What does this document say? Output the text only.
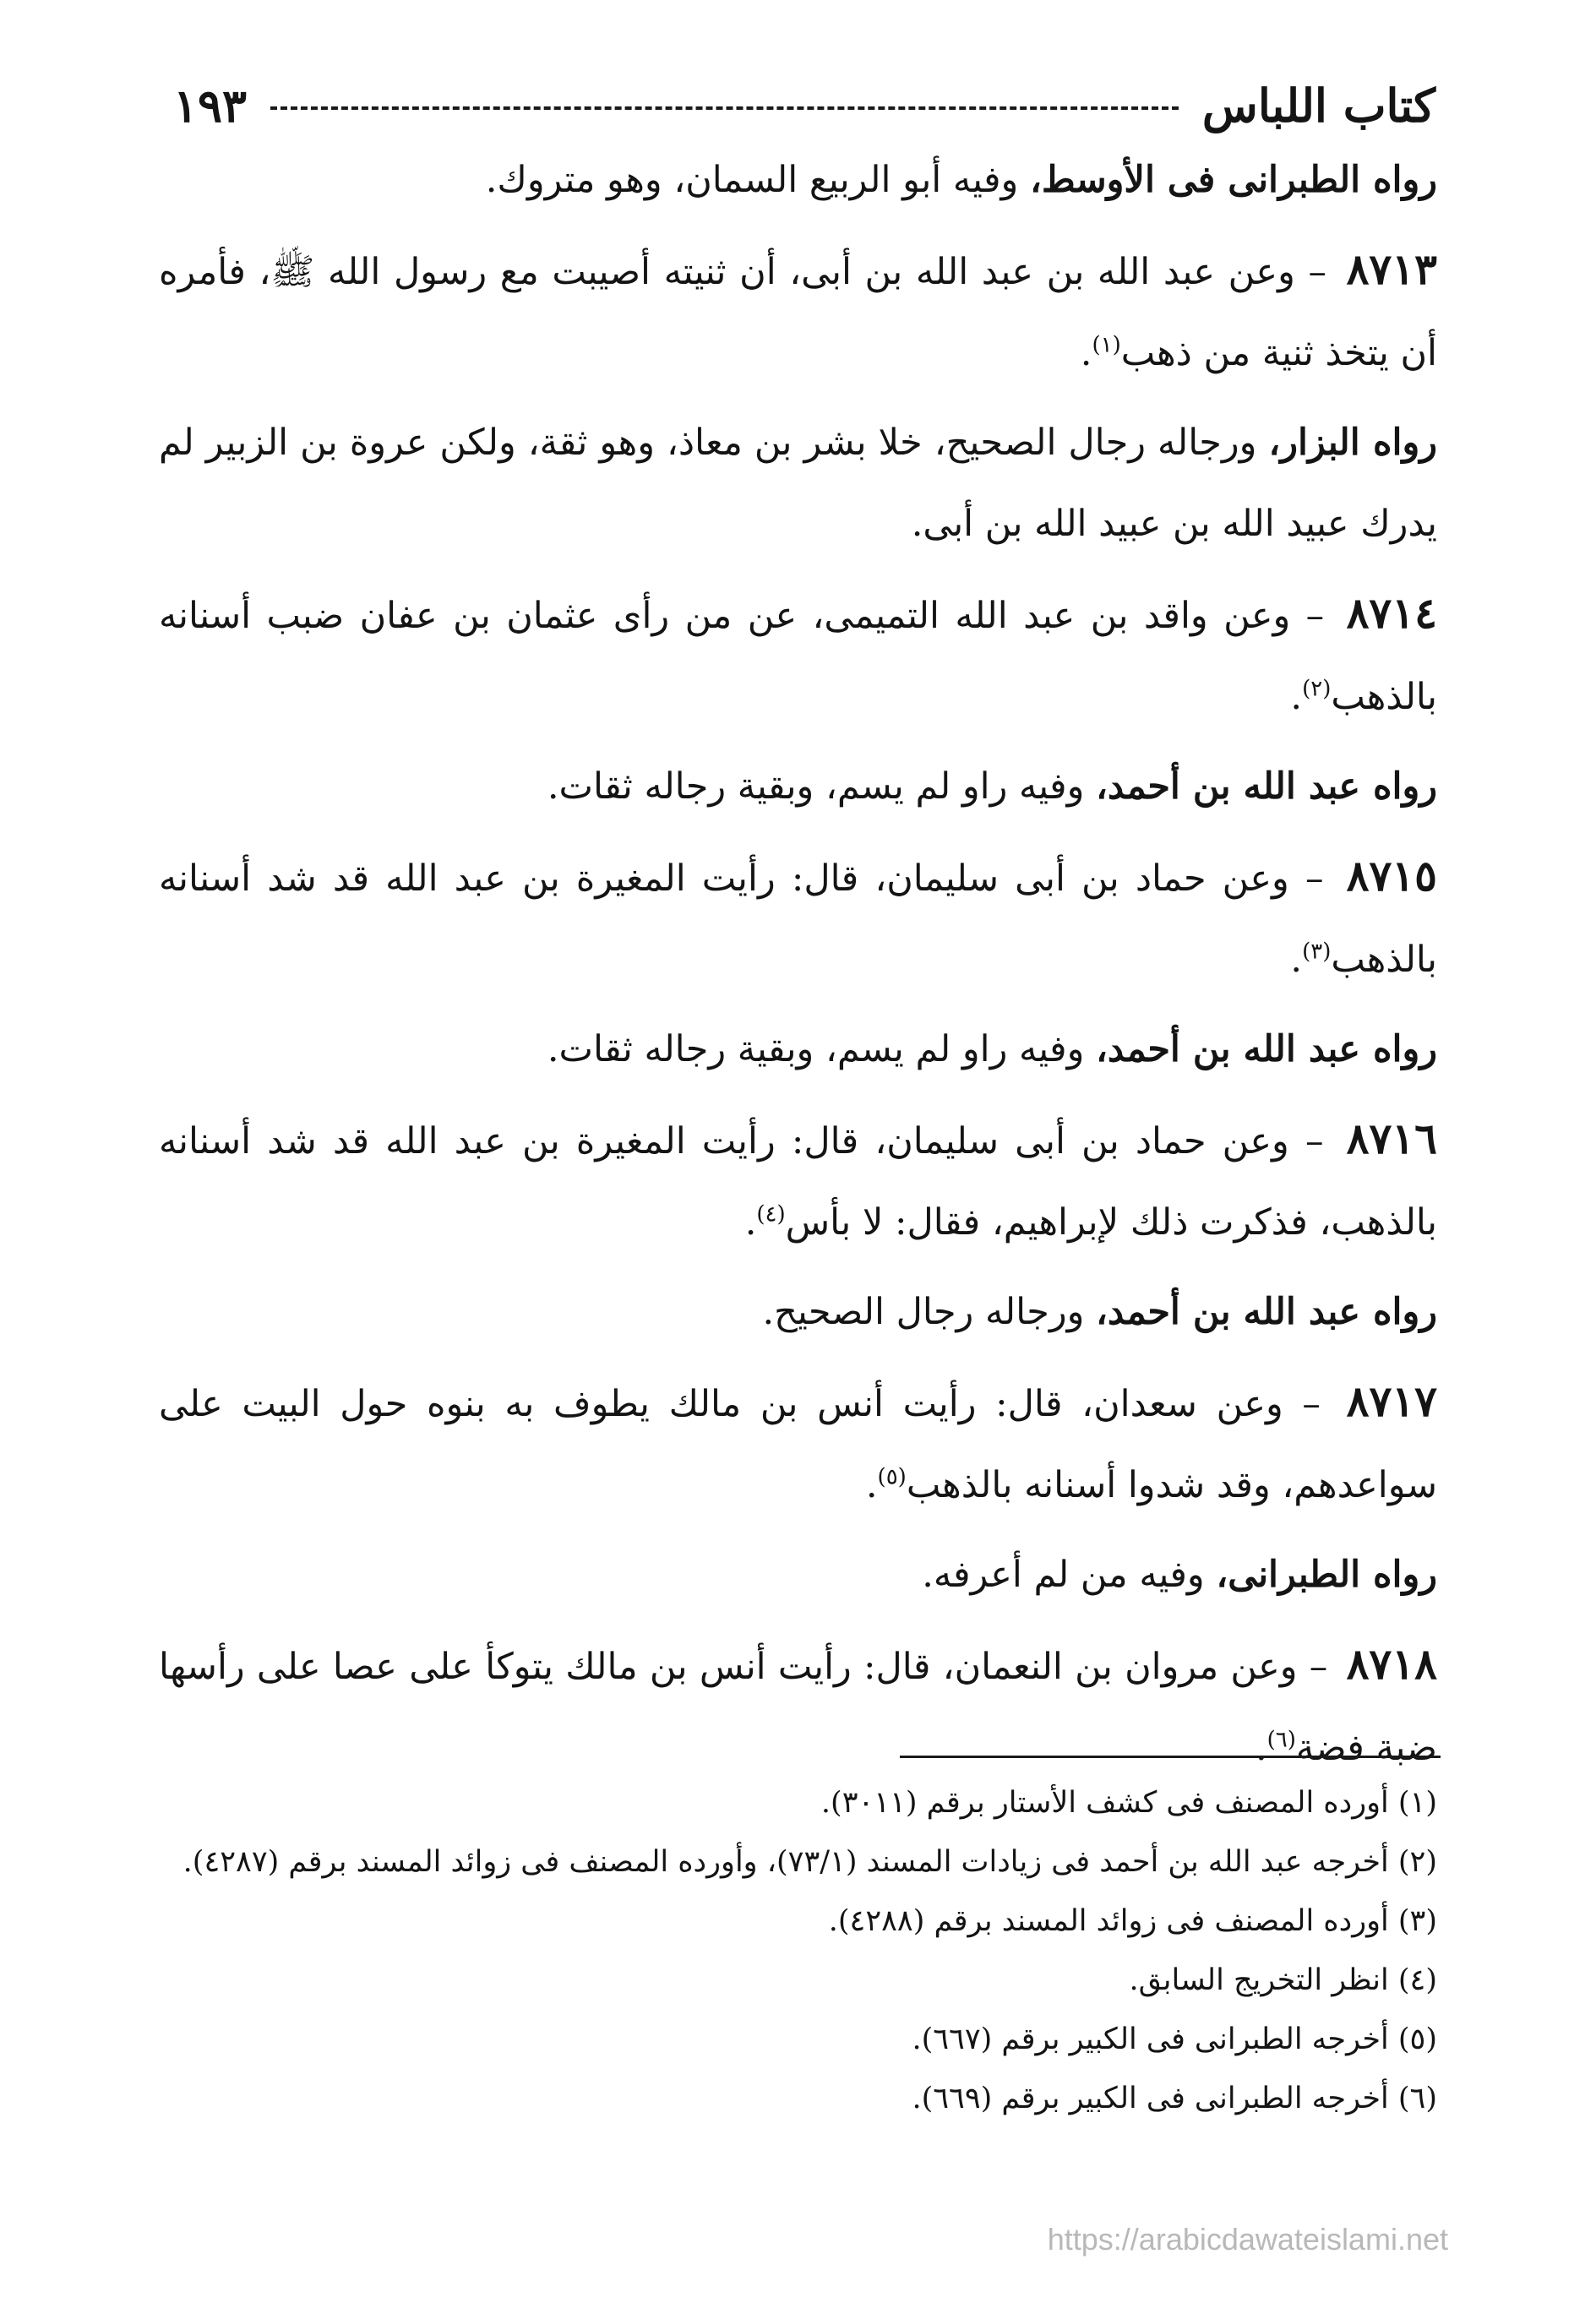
١٩٣	كتاب اللباس

رواه الطبرانى فى الأوسط، وفيه أبو الربيع السمان، وهو متروك.

٨٧١٣ – وعن عبد الله بن عبد الله بن أبى، أن ثنيته أصيبت مع رسول الله ﷺ، فأمره أن يتخذ ثنية من ذهب$^{(١)}$.

رواه البزار، ورجاله رجال الصحيح، خلا بشر بن معاذ، وهو ثقة، ولكن عروة بن الزبير لم يدرك عبيد الله بن عبيد الله بن أبى.

٨٧١٤ – وعن واقد بن عبد الله التميمى، عن من رأى عثمان بن عفان ضبب أسنانه بالذهب$^{(٢)}$.

رواه عبد الله بن أحمد، وفيه راو لم يسم، وبقية رجاله ثقات.

٨٧١٥ – وعن حماد بن أبى سليمان، قال: رأيت المغيرة بن عبد الله قد شد أسنانه بالذهب$^{(٣)}$.

رواه عبد الله بن أحمد، وفيه راو لم يسم، وبقية رجاله ثقات.

٨٧١٦ – وعن حماد بن أبى سليمان، قال: رأيت المغيرة بن عبد الله قد شد أسنانه بالذهب، فذكرت ذلك لإبراهيم، فقال: لا بأس$^{(٤)}$.

رواه عبد الله بن أحمد، ورجاله رجال الصحيح.

٨٧١٧ – وعن سعدان، قال: رأيت أنس بن مالك يطوف به بنوه حول البيت على سواعدهم، وقد شدوا أسنانه بالذهب$^{(٥)}$.

رواه الطبرانى، وفيه من لم أعرفه.

٨٧١٨ – وعن مروان بن النعمان، قال: رأيت أنس بن مالك يتوكأ على عصا على رأسها ضبة فضة$^{(٦)}$.

(١) أورده المصنف فى كشف الأستار برقم (٣٠١١).

(٢) أخرجه عبد الله بن أحمد فى زيادات المسند (٧٣/١)، وأورده المصنف فى زوائد المسند برقم (٤٢٨٧).

(٣) أورده المصنف فى زوائد المسند برقم (٤٢٨٨).

(٤) انظر التخريج السابق.

(٥) أخرجه الطبرانى فى الكبير برقم (٦٦٧).

(٦) أخرجه الطبرانى فى الكبير برقم (٦٦٩).

https://arabicdawateislami.net
